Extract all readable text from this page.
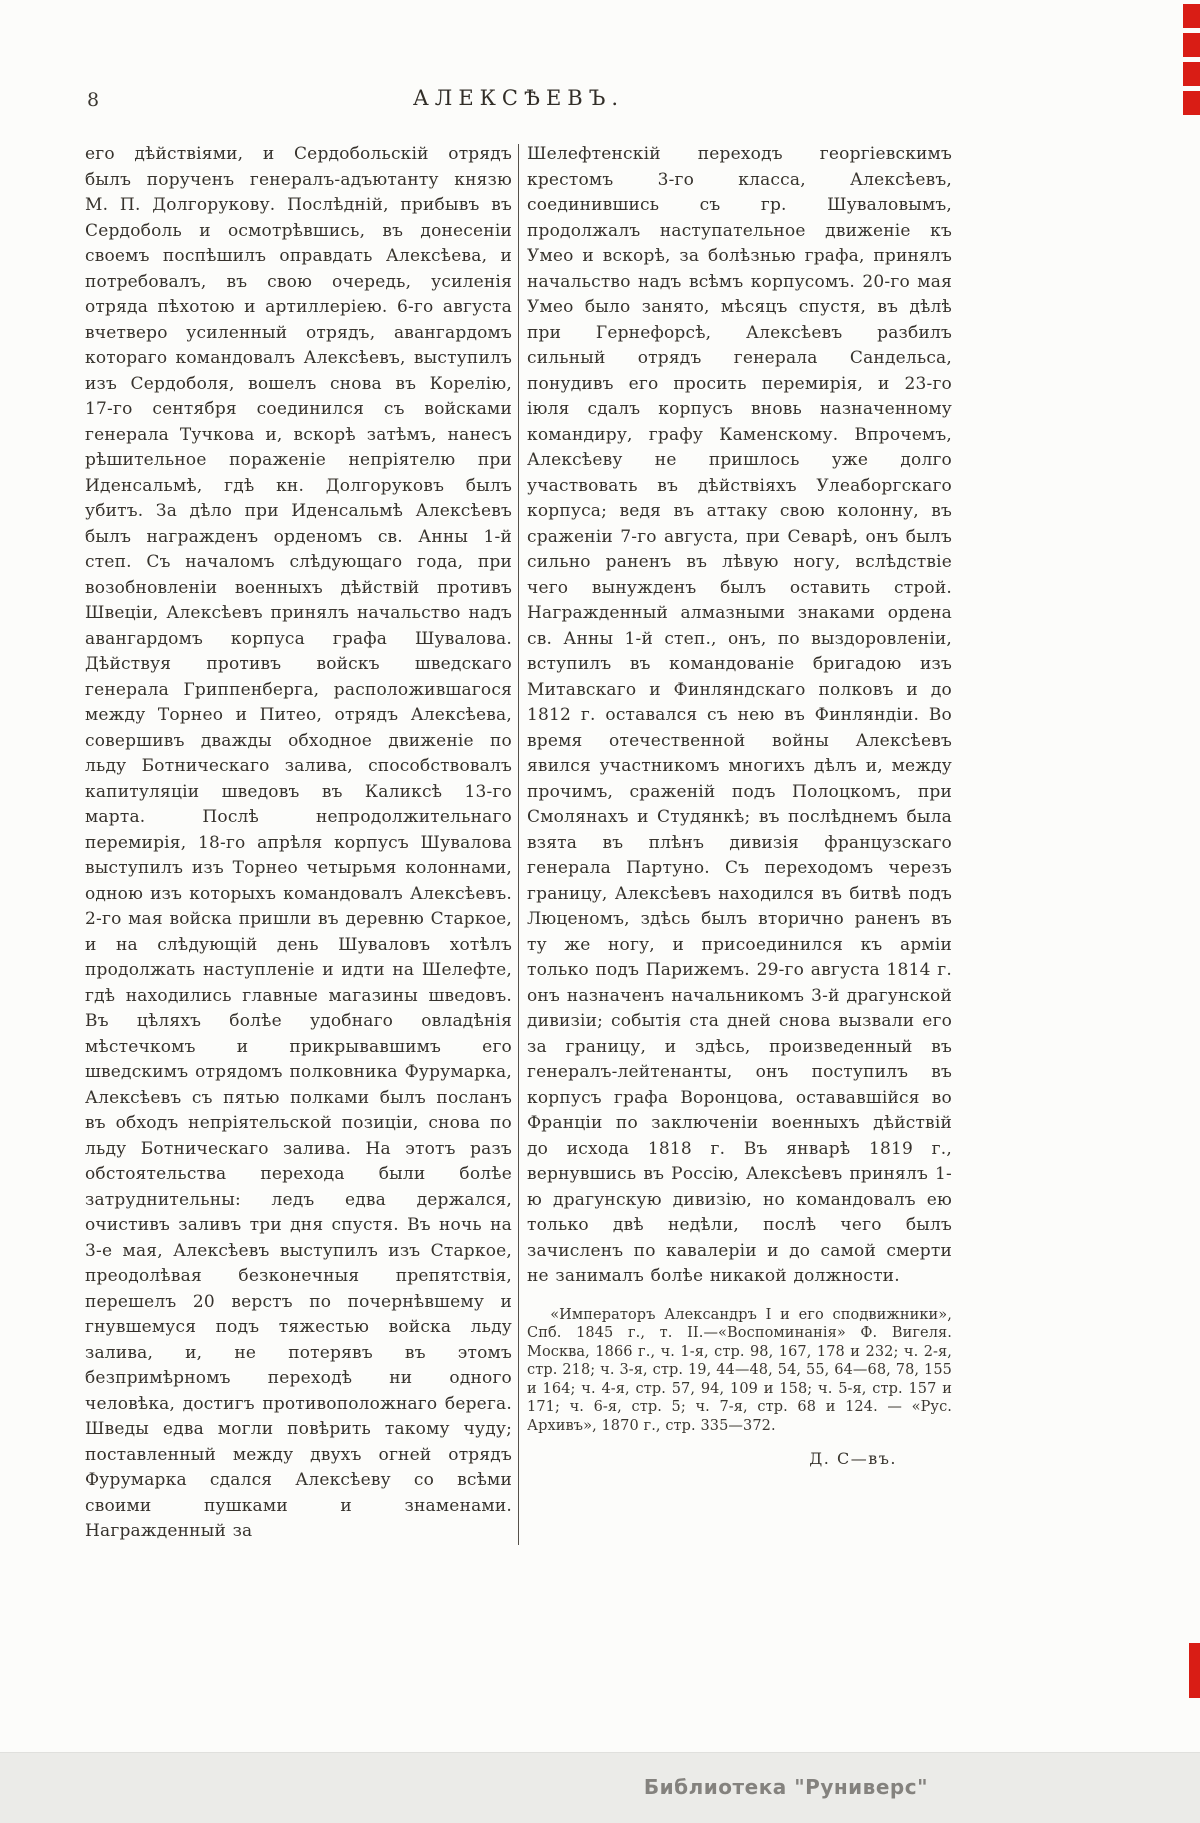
8	АЛЕКСѢЕВЪ.
его дѣйствіями, и Сердобольскій отрядъ былъ порученъ генералъ-адъютанту князю М. П. Долгорукову. Послѣдній, прибывъ въ Сердоболь и осмотрѣвшись, въ донесеніи своемъ поспѣшилъ оправдать Алексѣева, и потребовалъ, въ свою очередь, усиленія отряда пѣхотою и артиллеріею. 6-го августа вчетверо усиленный отрядъ, авангардомъ котораго командовалъ Алексѣевъ, выступилъ изъ Сердоболя, вошелъ снова въ Корелію, 17-го сентября соединился съ войсками генерала Тучкова и, вскорѣ затѣмъ, нанесъ рѣшительное пораженіе непріятелю при Иденсальмѣ, гдѣ кн. Долгоруковъ былъ убитъ. За дѣло при Иденсальмѣ Алексѣевъ былъ награжденъ орденомъ св. Анны 1-й степ. Съ началомъ слѣдующаго года, при возобновленіи военныхъ дѣйствій противъ Швеціи, Алексѣевъ принялъ начальство надъ авангардомъ корпуса графа Шувалова. Дѣйствуя противъ войскъ шведскаго генерала Гриппенберга, расположившагося между Торнео и Питео, отрядъ Алексѣева, совершивъ дважды обходное движеніе по льду Ботническаго залива, способствовалъ капитуляціи шведовъ въ Каликсѣ 13-го марта. Послѣ непродолжительнаго перемирія, 18-го апрѣля корпусъ Шувалова выступилъ изъ Торнео четырьмя колоннами, одною изъ которыхъ командовалъ Алексѣевъ. 2-го мая войска пришли въ деревню Старкое, и на слѣдующій день Шуваловъ хотѣлъ продолжать наступленіе и идти на Шелефте, гдѣ находились главные магазины шведовъ. Въ цѣляхъ болѣе удобнаго овладѣнія мѣстечкомъ и прикрывавшимъ его шведскимъ отрядомъ полковника Фурумарка, Алексѣевъ съ пятью полками былъ посланъ въ обходъ непріятельской позиціи, снова по льду Ботническаго залива. На этотъ разъ обстоятельства перехода были болѣе затруднительны: ледъ едва держался, очистивъ заливъ три дня спустя. Въ ночь на 3-е мая, Алексѣевъ выступилъ изъ Старкое, преодолѣвая безконечныя препятствія, перешелъ 20 верстъ по почернѣвшему и гнувшемуся подъ тяжестью войска льду залива, и, не потерявъ въ этомъ безпримѣрномъ переходѣ ни одного человѣка, достигъ противоположнаго берега. Шведы едва могли повѣрить такому чуду; поставленный между двухъ огней отрядъ Фурумарка сдался Алексѣеву со всѣми своими пушками и знаменами. Награжденный за
Шелефтенскій переходъ георгіевскимъ крестомъ 3-го класса, Алексѣевъ, соединившись съ гр. Шуваловымъ, продолжалъ наступательное движеніе къ Умео и вскорѣ, за болѣзнью графа, принялъ начальство надъ всѣмъ корпусомъ. 20-го мая Умео было занято, мѣсяцъ спустя, въ дѣлѣ при Гернефорсѣ, Алексѣевъ разбилъ сильный отрядъ генерала Сандельса, понудивъ его просить перемирія, и 23-го іюля сдалъ корпусъ вновь назначенному командиру, графу Каменскому. Впрочемъ, Алексѣеву не пришлось уже долго участвовать въ дѣйствіяхъ Улеаборгскаго корпуса; ведя въ аттаку свою колонну, въ сраженіи 7-го августа, при Севарѣ, онъ былъ сильно раненъ въ лѣвую ногу, вслѣдствіе чего вынужденъ былъ оставить строй. Награжденный алмазными знаками ордена св. Анны 1-й степ., онъ, по выздоровленіи, вступилъ въ командованіе бригадою изъ Митавскаго и Финляндскаго полковъ и до 1812 г. оставался съ нею въ Финляндіи. Во время отечественной войны Алексѣевъ явился участникомъ многихъ дѣлъ и, между прочимъ, сраженій подъ Полоцкомъ, при Смолянахъ и Студянкѣ; въ послѣднемъ была взята въ плѣнъ дивизія французскаго генерала Партуно. Съ переходомъ черезъ границу, Алексѣевъ находился въ битвѣ подъ Люценомъ, здѣсь былъ вторично раненъ въ ту же ногу, и присоединился къ арміи только подъ Парижемъ. 29-го августа 1814 г. онъ назначенъ начальникомъ 3-й драгунской дивизіи; событія ста дней снова вызвали его за границу, и здѣсь, произведенный въ генералъ-лейтенанты, онъ поступилъ въ корпусъ графа Воронцова, остававшійся во Франціи по заключеніи военныхъ дѣйствій до исхода 1818 г. Въ январѣ 1819 г., вернувшись въ Россію, Алексѣевъ принялъ 1-ю драгунскую дивизію, но командовалъ ею только двѣ недѣли, послѣ чего былъ зачисленъ по кавалеріи и до самой смерти не занималъ болѣе никакой должности.
«Императоръ Александръ I и его сподвижники», Спб. 1845 г., т. II.—«Воспоминанія» Ф. Вигеля. Москва, 1866 г., ч. 1-я, стр. 98, 167, 178 и 232; ч. 2-я, стр. 218; ч. 3-я, стр. 19, 44—48, 54, 55, 64—68, 78, 155 и 164; ч. 4-я, стр. 57, 94, 109 и 158; ч. 5-я, стр. 157 и 171; ч. 6-я, стр. 5; ч. 7-я, стр. 68 и 124. — «Рус. Архивъ», 1870 г., стр. 335—372.
Д. С—въ.
Библиотека "Руниверс"
